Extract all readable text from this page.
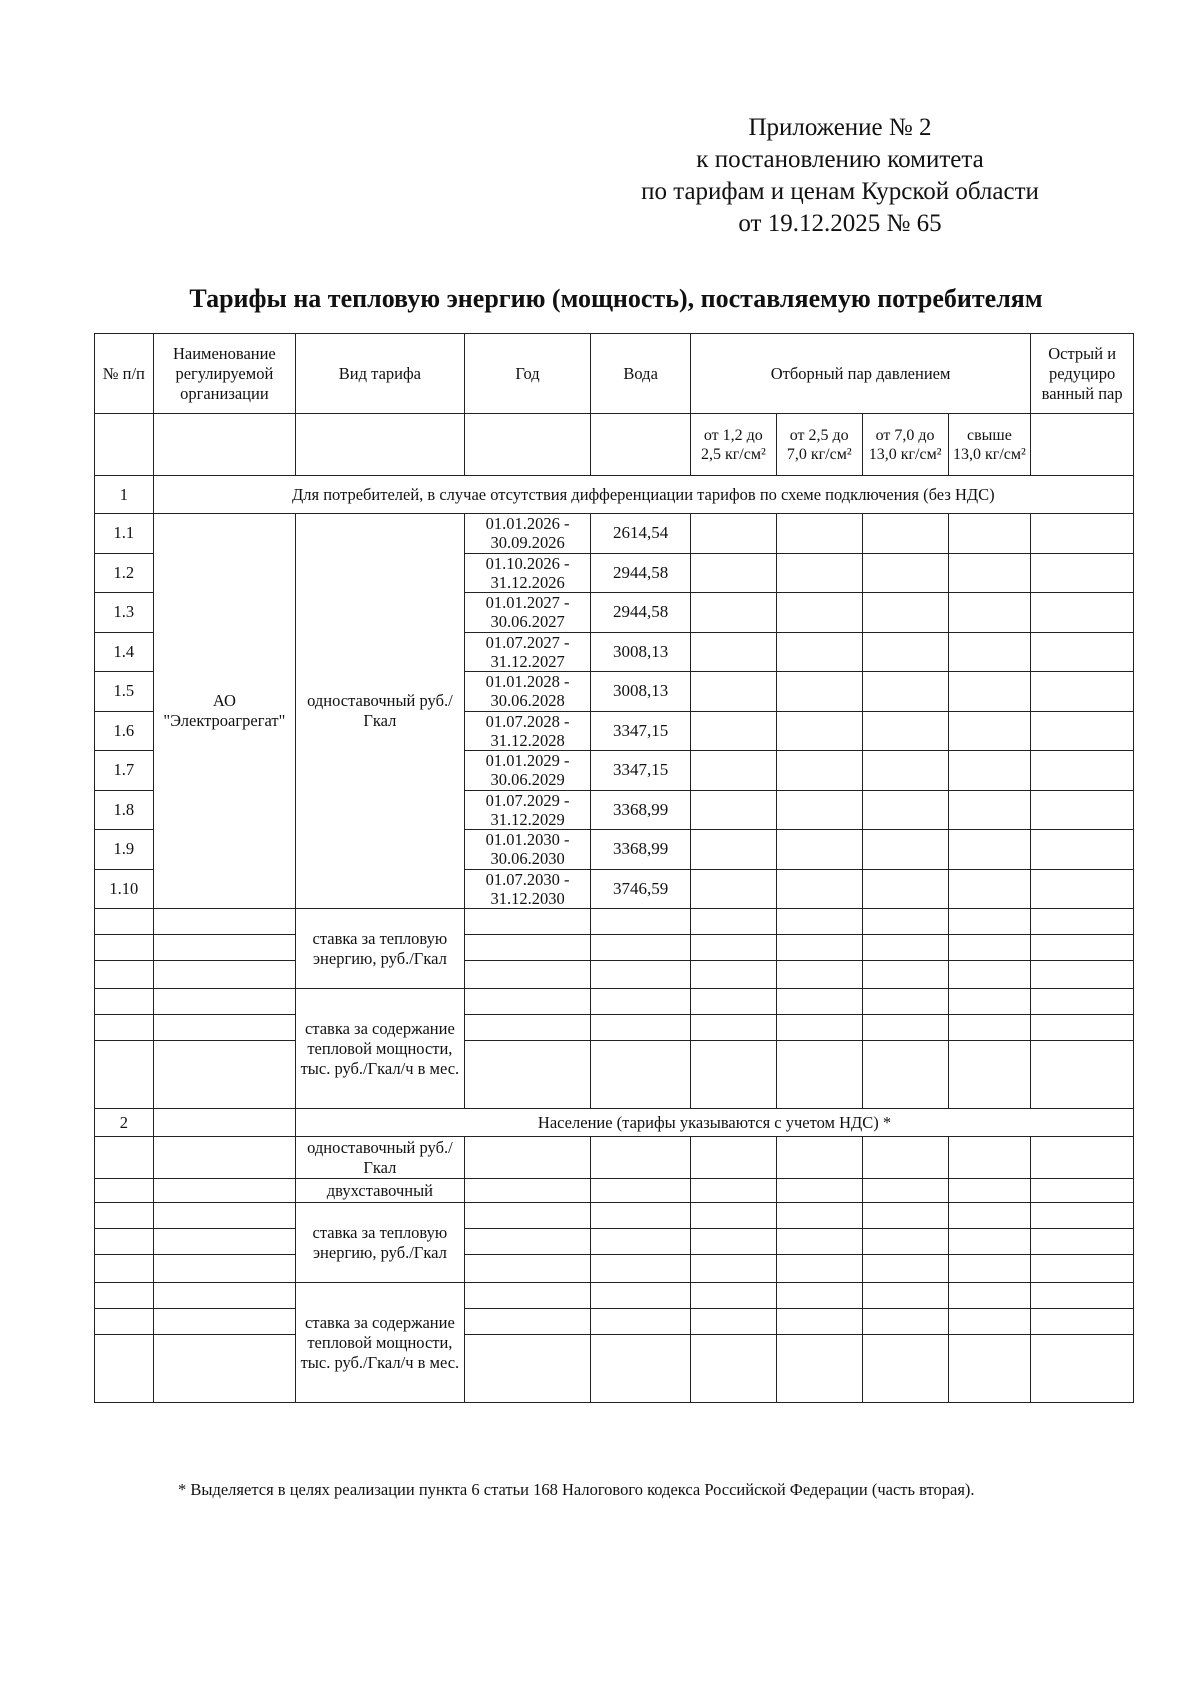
Приложение № 2
к постановлению комитета
по тарифам и ценам Курской области
от 19.12.2025 № 65
Тарифы на тепловую энергию (мощность), поставляемую потребителям
№ п/п	Наименование регулируемой организации	Вид тарифа	Год	Вода	Отборный пар давлением				Острый и редуциро ванный пар
					от 1,2 до 2,5 кг/см²	от 2,5 до 7,0 кг/см²	от 7,0 до 13,0 кг/см²	свыше 13,0 кг/см²	
1	Для потребителей, в случае отсутствия дифференциации тарифов по схеме подключения (без НДС)								
1.1	АО "Электроагрегат"	одноставочный руб./Гкал	01.01.2026 - 30.09.2026	2614,54					
1.2			01.10.2026 - 31.12.2026	2944,58					
1.3			01.01.2027 - 30.06.2027	2944,58					
1.4			01.07.2027 - 31.12.2027	3008,13					
1.5			01.01.2028 - 30.06.2028	3008,13					
1.6			01.07.2028 - 31.12.2028	3347,15					
1.7			01.01.2029 - 30.06.2029	3347,15					
1.8			01.07.2029 - 31.12.2029	3368,99					
1.9			01.01.2030 - 30.06.2030	3368,99					
1.10			01.07.2030 - 31.12.2030	3746,59					
		ставка за тепловую энергию, руб./Гкал							

		ставка за содержание тепловой мощности, тыс. руб./Гкал/ч в мес.							

2		Население (тарифы указываются с учетом НДС) *							
		одноставочный руб./Гкал							
		двухставочный							
		ставка за тепловую энергию, руб./Гкал							

		ставка за содержание тепловой мощности, тыс. руб./Гкал/ч в мес.							

* Выделяется в целях реализации пункта 6 статьи 168 Налогового кодекса Российской Федерации (часть вторая).
